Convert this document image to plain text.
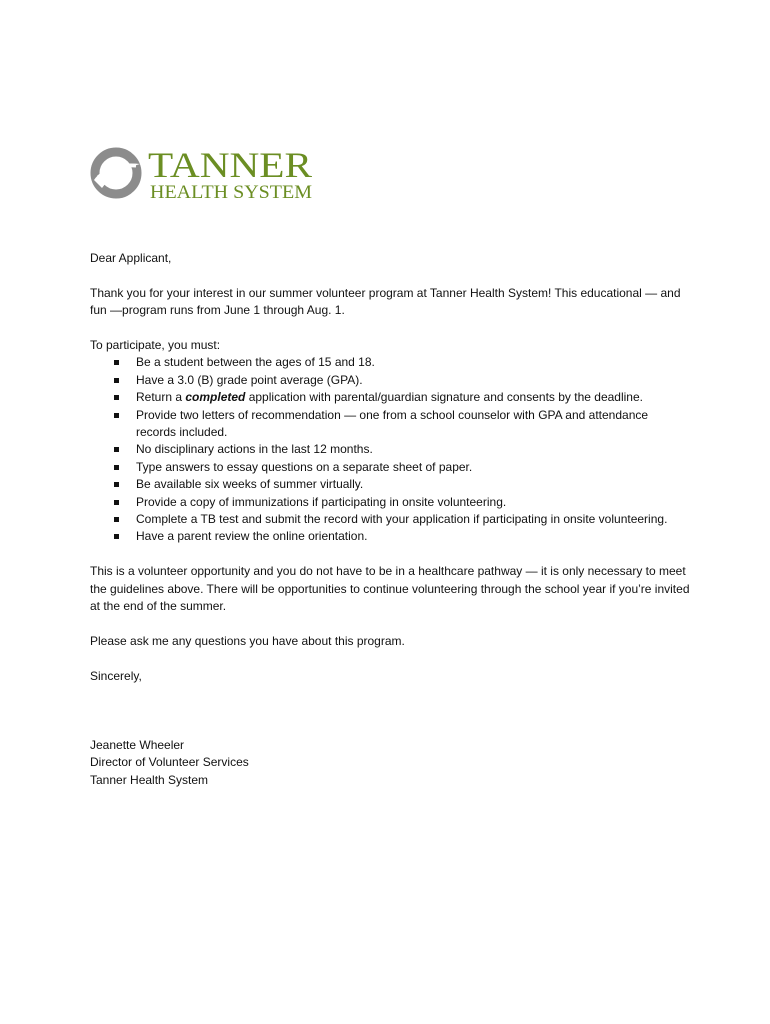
TANNER
HEALTH SYSTEM

Dear Applicant,

Thank you for your interest in our summer volunteer program at Tanner Health System! This educational — and fun —program runs from June 1 through Aug. 1.

To participate, you must:

Be a student between the ages of 15 and 18.
Have a 3.0 (B) grade point average (GPA).
Return a completed application with parental/guardian signature and consents by the deadline.
Provide two letters of recommendation — one from a school counselor with GPA and attendance records included.
No disciplinary actions in the last 12 months.
Type answers to essay questions on a separate sheet of paper.
Be available six weeks of summer virtually.
Provide a copy of immunizations if participating in onsite volunteering.
Complete a TB test and submit the record with your application if participating in onsite volunteering.
Have a parent review the online orientation.

This is a volunteer opportunity and you do not have to be in a healthcare pathway — it is only necessary to meet the guidelines above. There will be opportunities to continue volunteering through the school year if you’re invited at the end of the summer.

Please ask me any questions you have about this program.

Sincerely,

Jeanette Wheeler

Director of Volunteer Services

Tanner Health System
